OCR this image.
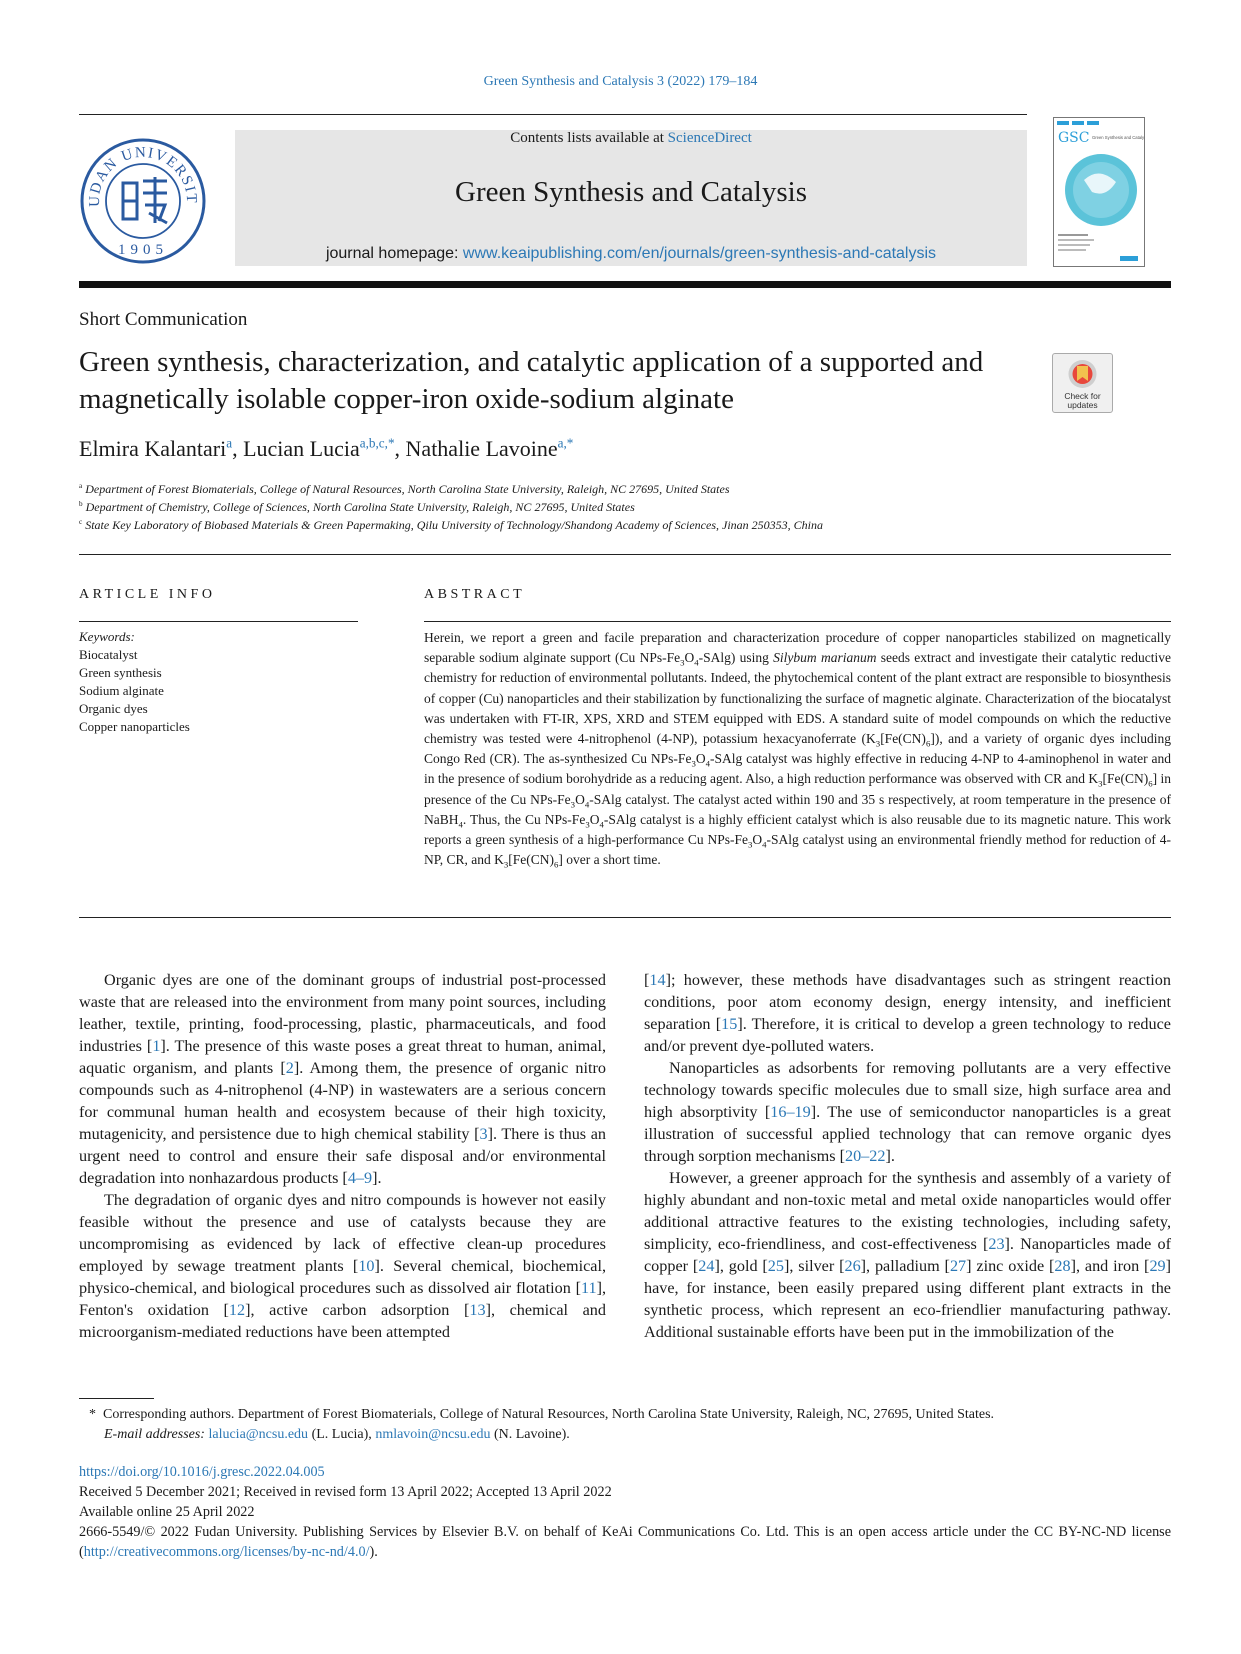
Green Synthesis and Catalysis 3 (2022) 179–184
UDAN UNIVERSIT
1905
Contents lists available at ScienceDirect
Green Synthesis and Catalysis
journal homepage: www.keaipublishing.com/en/journals/green-synthesis-and-catalysis
GSC Green Synthesis and Catalysis
Short Communication
Green synthesis, characterization, and catalytic application of a supported and magnetically isolable copper-iron oxide-sodium alginate	Check for
updates
Elmira Kalantari$^a$, Lucian Lucia$^{a,b,c,*}$, Nathalie Lavoine$^{a,*}$
$^a$ Department of Forest Biomaterials, College of Natural Resources, North Carolina State University, Raleigh, NC 27695, United States
$^b$ Department of Chemistry, College of Sciences, North Carolina State University, Raleigh, NC 27695, United States
$^c$ State Key Laboratory of Biobased Materials & Green Papermaking, Qilu University of Technology/Shandong Academy of Sciences, Jinan 250353, China
ARTICLE INFO	ABSTRACT
Keywords:
Biocatalyst
Green synthesis
Sodium alginate
Organic dyes
Copper nanoparticles
Herein, we report a green and facile preparation and characterization procedure of copper nanoparticles stabilized on magnetically separable sodium alginate support (Cu NPs-$Fe_3O_4-SAlg$) using Silybum marianum seeds extract and investigate their catalytic reductive chemistry for reduction of environmental pollutants. Indeed, the phytochemical content of the plant extract are responsible to biosynthesis of copper (Cu) nanoparticles and their stabilization by functionalizing the surface of magnetic alginate. Characterization of the biocatalyst was undertaken with FT-IR, XPS, XRD and STEM equipped with EDS. A standard suite of model compounds on which the reductive chemistry was tested were 4-nitrophenol (4-NP), potassium hexacyanoferrate $(K_3[Fe(CN)_6])$, and a variety of organic dyes including Congo Red (CR). The as-synthesized Cu NPs-$Fe_3O_4$-SAlg catalyst was highly effective in reducing 4-NP to 4-aminophenol in water and in the presence of sodium borohydride as a reducing agent. Also, a high reduction performance was observed with CR and $K_3[Fe(CN)_6]$ in presence of the Cu NPs-$Fe_3O_4$-SAlg catalyst. The catalyst acted within 190 and 35 s respectively, at room temperature in the presence of NaBH$_4$. Thus, the Cu NPs-$Fe_3O_4$-SAlg catalyst is a highly efficient catalyst which is also reusable due to its magnetic nature. This work reports a green synthesis of a high-performance Cu NPs-$Fe_3O_4$-SAlg catalyst using an environmental friendly method for reduction of 4-NP, CR, and $K_3[Fe(CN)_6]$ over a short time.

Organic dyes are one of the dominant groups of industrial post-processed waste that are released into the environment from many point sources, including leather, textile, printing, food-processing, plastic, pharmaceuticals, and food industries [1]. The presence of this waste poses a great threat to human, animal, aquatic organism, and plants [2]. Among them, the presence of organic nitro compounds such as 4-nitrophenol (4-NP) in wastewaters are a serious concern for communal human health and ecosystem because of their high toxicity, mutagenicity, and persistence due to high chemical stability [3]. There is thus an urgent need to control and ensure their safe disposal and/or environmental degradation into nonhazardous products [4–9].

The degradation of organic dyes and nitro compounds is however not easily feasible without the presence and use of catalysts because they are uncompromising as evidenced by lack of effective clean-up procedures employed by sewage treatment plants [10]. Several chemical, biochemical, physico-chemical, and biological procedures such as dissolved air flotation [11], Fenton's oxidation [12], active carbon adsorption [13], chemical and microorganism-mediated reductions have been attempted

[14]; however, these methods have disadvantages such as stringent reaction conditions, poor atom economy design, energy intensity, and inefficient separation [15]. Therefore, it is critical to develop a green technology to reduce and/or prevent dye-polluted waters.

Nanoparticles as adsorbents for removing pollutants are a very effective technology towards specific molecules due to small size, high surface area and high absorptivity [16–19]. The use of semiconductor nanoparticles is a great illustration of successful applied technology that can remove organic dyes through sorption mechanisms [20–22].

However, a greener approach for the synthesis and assembly of a variety of highly abundant and non-toxic metal and metal oxide nanoparticles would offer additional attractive features to the existing technologies, including safety, simplicity, eco-friendliness, and cost-effectiveness [23]. Nanoparticles made of copper [24], gold [25], silver [26], palladium [27] zinc oxide [28], and iron [29] have, for instance, been easily prepared using different plant extracts in the synthetic process, which represent an eco-friendlier manufacturing pathway. Additional sustainable efforts have been put in the immobilization of the

* Corresponding authors. Department of Forest Biomaterials, College of Natural Resources, North Carolina State University, Raleigh, NC, 27695, United States.
E-mail addresses: lalucia@ncsu.edu (L. Lucia), nmlavoin@ncsu.edu (N. Lavoine).
https://doi.org/10.1016/j.gresc.2022.04.005
Received 5 December 2021; Received in revised form 13 April 2022; Accepted 13 April 2022
Available online 25 April 2022
2666-5549/© 2022 Fudan University. Publishing Services by Elsevier B.V. on behalf of KeAi Communications Co. Ltd. This is an open access article under the CC BY-NC-ND license (http://creativecommons.org/licenses/by-nc-nd/4.0/).
